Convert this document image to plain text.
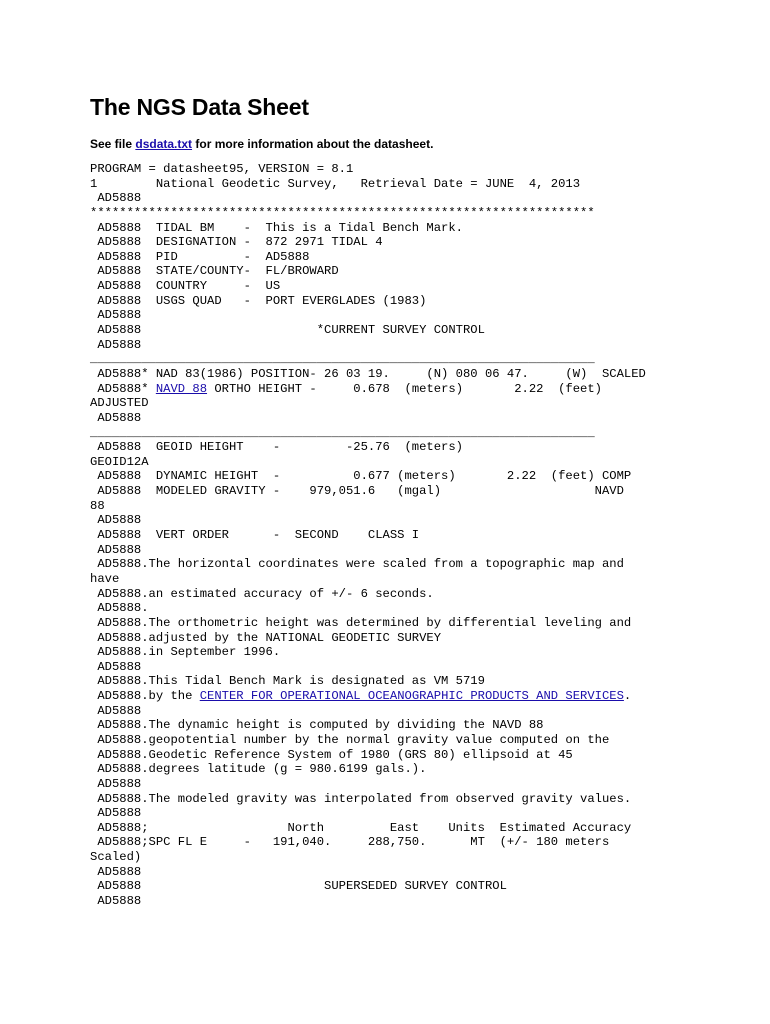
The NGS Data Sheet
See file dsdata.txt for more information about the datasheet.
PROGRAM = datasheet95, VERSION = 8.1
1        National Geodetic Survey,   Retrieval Date = JUNE  4, 2013
AD5888
*********************************************************************
AD5888  TIDAL BM    -  This is a Tidal Bench Mark.
AD5888  DESIGNATION -  872 2971 TIDAL 4
AD5888  PID         -  AD5888
AD5888  STATE/COUNTY-  FL/BROWARD
AD5888  COUNTRY     -  US
AD5888  USGS QUAD   -  PORT EVERGLADES (1983)
AD5888
AD5888                        *CURRENT SURVEY CONTROL
AD5888
_____________________________________________________________________
AD5888* NAD 83(1986) POSITION- 26 03 19.     (N) 080 06 47.     (W)  SCALED
AD5888* NAVD 88 ORTHO HEIGHT -     0.678  (meters)       2.22  (feet)
ADJUSTED
AD5888
_____________________________________________________________________
AD5888  GEOID HEIGHT    -         -25.76  (meters)
GEOID12A
AD5888  DYNAMIC HEIGHT  -          0.677 (meters)       2.22  (feet) COMP
AD5888  MODELED GRAVITY -    979,051.6   (mgal)                     NAVD
88
AD5888
AD5888  VERT ORDER      -  SECOND    CLASS I
AD5888
AD5888.The horizontal coordinates were scaled from a topographic map and
have
AD5888.an estimated accuracy of +/- 6 seconds.
AD5888.
AD5888.The orthometric height was determined by differential leveling and
AD5888.adjusted by the NATIONAL GEODETIC SURVEY
AD5888.in September 1996.
AD5888
AD5888.This Tidal Bench Mark is designated as VM 5719
AD5888.by the CENTER FOR OPERATIONAL OCEANOGRAPHIC PRODUCTS AND SERVICES.
AD5888
AD5888.The dynamic height is computed by dividing the NAVD 88
AD5888.geopotential number by the normal gravity value computed on the
AD5888.Geodetic Reference System of 1980 (GRS 80) ellipsoid at 45
AD5888.degrees latitude (g = 980.6199 gals.).
AD5888
AD5888.The modeled gravity was interpolated from observed gravity values.
AD5888
AD5888;                   North         East    Units  Estimated Accuracy
AD5888;SPC FL E     -   191,040.     288,750.      MT  (+/- 180 meters
Scaled)
AD5888
AD5888                         SUPERSEDED SURVEY CONTROL
AD5888
